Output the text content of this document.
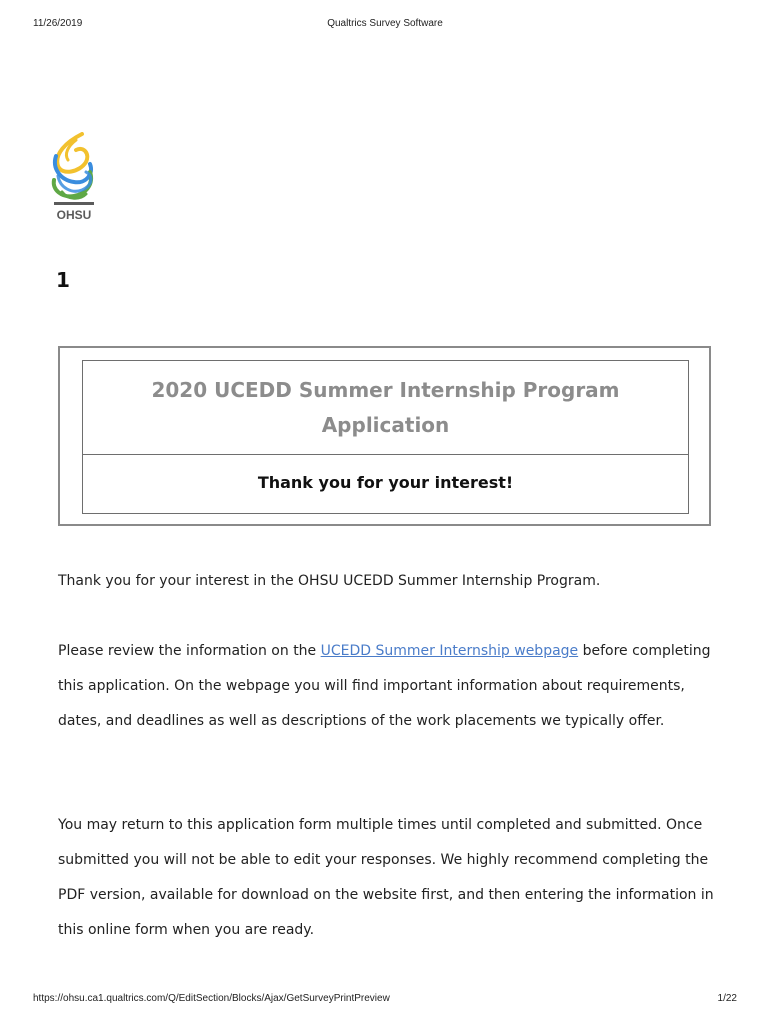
11/26/2019	Qualtrics Survey Software
OHSU
1
2020 UCEDD Summer Internship Program
Application
Thank you for your interest!

Thank you for your interest in the OHSU UCEDD Summer Internship Program.

Please review the information on the UCEDD Summer Internship webpage before completing this application. On the webpage you will find important information about requirements, dates, and deadlines as well as descriptions of the work placements we typically offer.

You may return to this application form multiple times until completed and submitted. Once submitted you will not be able to edit your responses. We highly recommend completing the PDF version, available for download on the website first, and then entering the information in this online form when you are ready.

https://ohsu.ca1.qualtrics.com/Q/EditSection/Blocks/Ajax/GetSurveyPrintPreview	1/22
